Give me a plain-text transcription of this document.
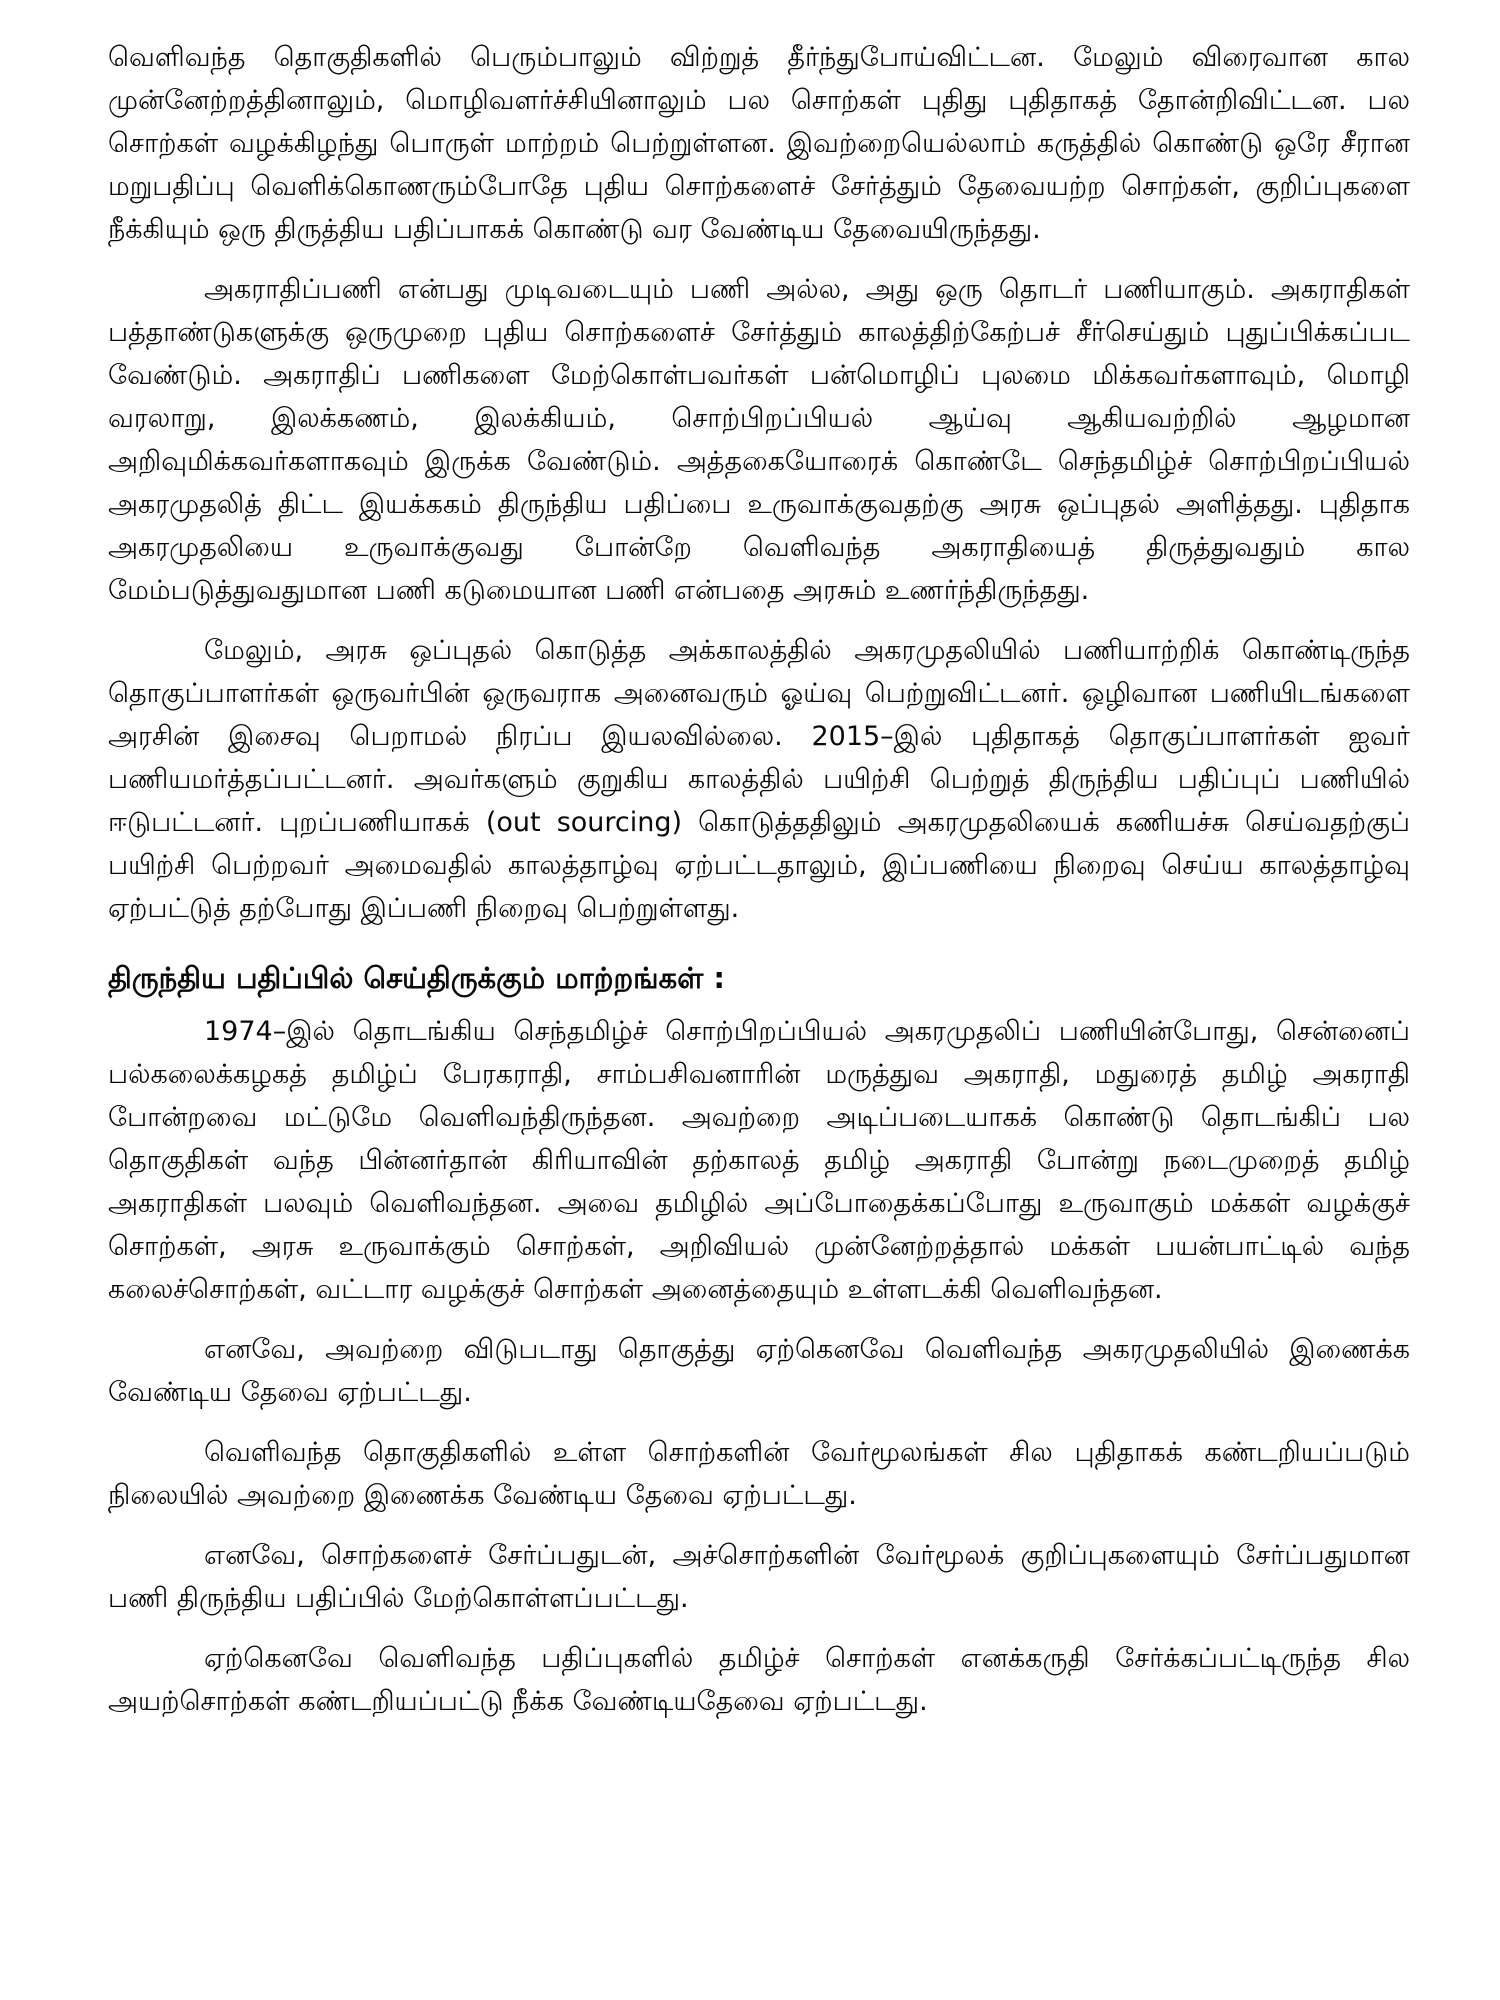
வெளிவந்த தொகுதிகளில் பெரும்பாலும் விற்றுத் தீர்ந்துபோய்விட்டன. மேலும் விரைவான கால முன்னேற்றத்தினாலும், மொழிவளர்ச்சியினாலும் பல சொற்கள் புதிது புதிதாகத் தோன்றிவிட்டன. பல சொற்கள் வழக்கிழந்து பொருள் மாற்றம் பெற்றுள்ளன. இவற்றையெல்லாம் கருத்தில் கொண்டு ஒரே சீரான மறுபதிப்பு வெளிக்கொணரும்போதே புதிய சொற்களைச் சேர்த்தும் தேவையற்ற சொற்கள், குறிப்புகளை நீக்கியும் ஒரு திருத்திய பதிப்பாகக் கொண்டு வர வேண்டிய தேவையிருந்தது.

அகராதிப்பணி என்பது முடிவடையும் பணி அல்ல, அது ஒரு தொடர் பணியாகும். அகராதிகள் பத்தாண்டுகளுக்கு ஒருமுறை புதிய சொற்களைச் சேர்த்தும் காலத்திற்கேற்பச் சீர்செய்தும் புதுப்பிக்கப்பட வேண்டும். அகராதிப் பணிகளை மேற்கொள்பவர்கள் பன்மொழிப் புலமை மிக்கவர்களாவும், மொழி வரலாறு, இலக்கணம், இலக்கியம், சொற்பிறப்பியல் ஆய்வு ஆகியவற்றில் ஆழமான அறிவுமிக்கவர்களாகவும் இருக்க வேண்டும். அத்தகையோரைக் கொண்டே செந்தமிழ்ச் சொற்பிறப்பியல் அகரமுதலித் திட்ட இயக்ககம் திருந்திய பதிப்பை உருவாக்குவதற்கு அரசு ஒப்புதல் அளித்தது. புதிதாக அகரமுதலியை உருவாக்குவது போன்றே வெளிவந்த அகராதியைத் திருத்துவதும் கால மேம்படுத்துவதுமான பணி கடுமையான பணி என்பதை அரசும் உணர்ந்திருந்தது.

மேலும், அரசு ஒப்புதல் கொடுத்த அக்காலத்தில் அகரமுதலியில் பணியாற்றிக் கொண்டிருந்த தொகுப்பாளர்கள் ஒருவர்பின் ஒருவராக அனைவரும் ஓய்வு பெற்றுவிட்டனர். ஒழிவான பணியிடங்களை அரசின் இசைவு பெறாமல் நிரப்ப இயலவில்லை. 2015–இல் புதிதாகத் தொகுப்பாளர்கள் ஐவர் பணியமர்த்தப்பட்டனர். அவர்களும் குறுகிய காலத்தில் பயிற்சி பெற்றுத் திருந்திய பதிப்புப் பணியில் ஈடுபட்டனர். புறப்பணியாகக் (out sourcing) கொடுத்ததிலும் அகரமுதலியைக் கணியச்சு செய்வதற்குப் பயிற்சி பெற்றவர் அமைவதில் காலத்தாழ்வு ஏற்பட்டதாலும், இப்பணியை நிறைவு செய்ய காலத்தாழ்வு ஏற்பட்டுத் தற்போது இப்பணி நிறைவு பெற்றுள்ளது.

திருந்திய பதிப்பில் செய்திருக்கும் மாற்றங்கள் :

1974–இல் தொடங்கிய செந்தமிழ்ச் சொற்பிறப்பியல் அகரமுதலிப் பணியின்போது, சென்னைப் பல்கலைக்கழகத் தமிழ்ப் பேரகராதி, சாம்பசிவனாரின் மருத்துவ அகராதி, மதுரைத் தமிழ் அகராதி போன்றவை மட்டுமே வெளிவந்திருந்தன. அவற்றை அடிப்படையாகக் கொண்டு தொடங்கிப் பல தொகுதிகள் வந்த பின்னர்தான் கிரியாவின் தற்காலத் தமிழ் அகராதி போன்று நடைமுறைத் தமிழ் அகராதிகள் பலவும் வெளிவந்தன. அவை தமிழில் அப்போதைக்கப்போது உருவாகும் மக்கள் வழக்குச் சொற்கள், அரசு உருவாக்கும் சொற்கள், அறிவியல் முன்னேற்றத்தால் மக்கள் பயன்பாட்டில் வந்த கலைச்சொற்கள், வட்டார வழக்குச் சொற்கள் அனைத்தையும் உள்ளடக்கி வெளிவந்தன.

எனவே, அவற்றை விடுபடாது தொகுத்து ஏற்கெனவே வெளிவந்த அகரமுதலியில் இணைக்க வேண்டிய தேவை ஏற்பட்டது.

வெளிவந்த தொகுதிகளில் உள்ள சொற்களின் வேர்மூலங்கள் சில புதிதாகக் கண்டறியப்படும் நிலையில் அவற்றை இணைக்க வேண்டிய தேவை ஏற்பட்டது.

எனவே, சொற்களைச் சேர்ப்பதுடன், அச்சொற்களின் வேர்மூலக் குறிப்புகளையும் சேர்ப்பதுமான பணி திருந்திய பதிப்பில் மேற்கொள்ளப்பட்டது.

ஏற்கெனவே வெளிவந்த பதிப்புகளில் தமிழ்ச் சொற்கள் எனக்கருதி சேர்க்கப்பட்டிருந்த சில அயற்சொற்கள் கண்டறியப்பட்டு நீக்க வேண்டியதேவை ஏற்பட்டது.
